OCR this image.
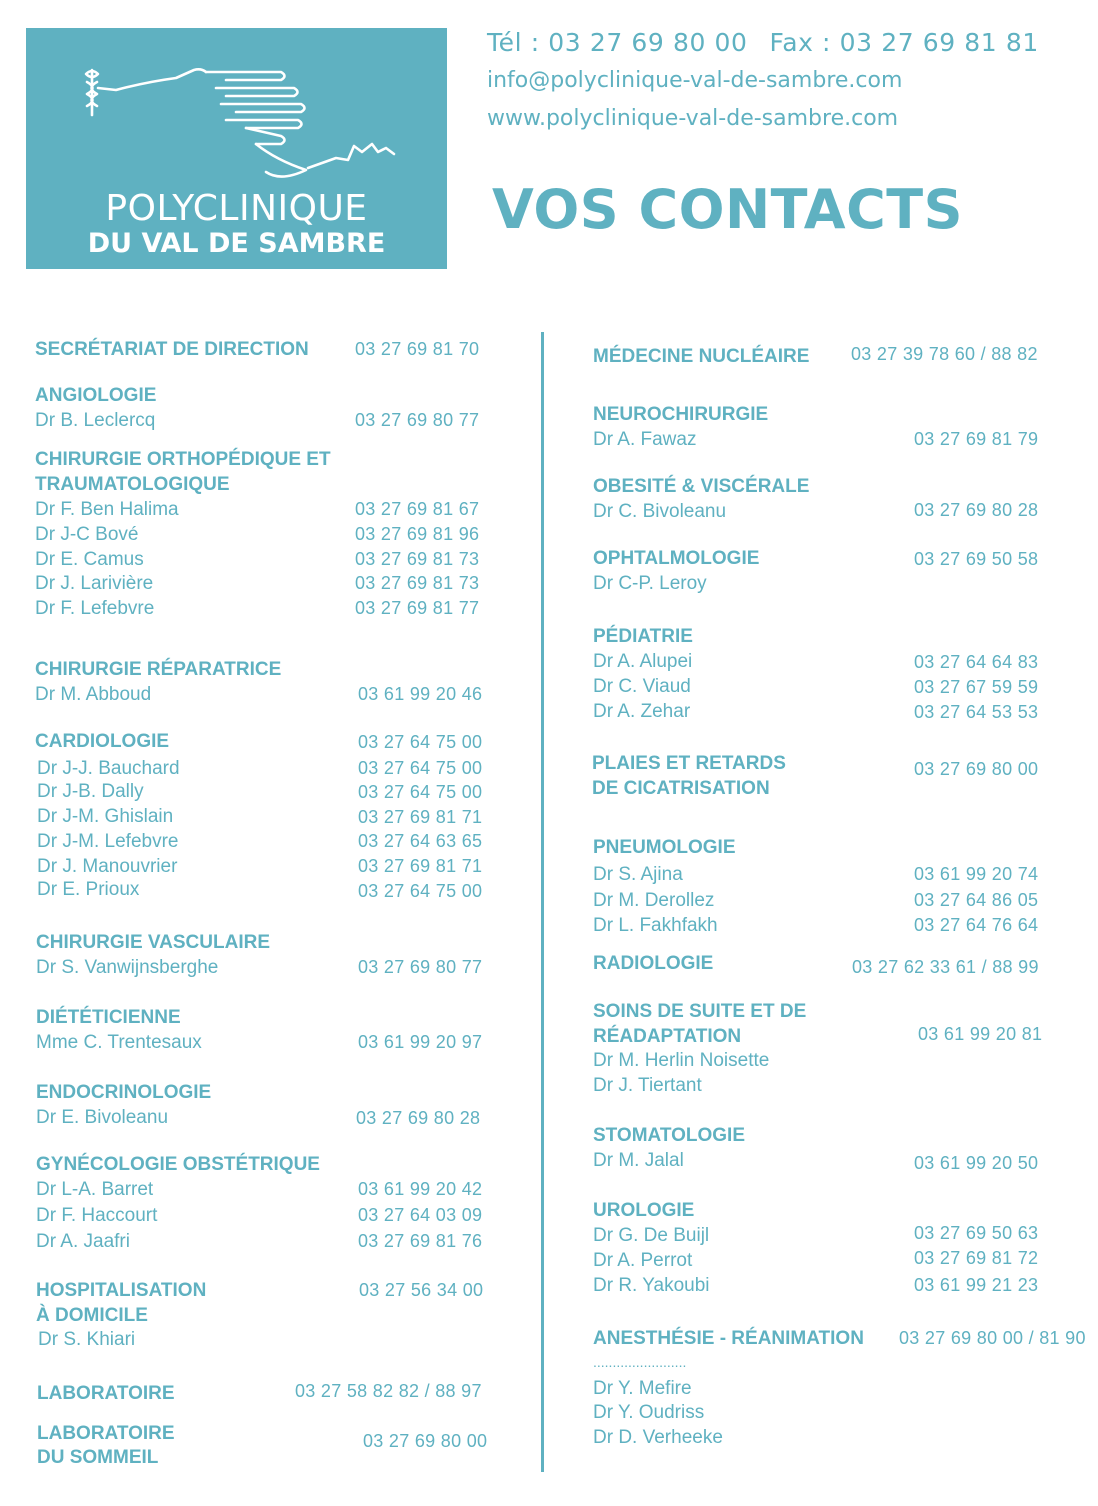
POLYCLINIQUE
DU VAL DE SAMBRE
Tél : 03 27 69 80 00 Fax : 03 27 69 81 81
info@polyclinique-val-de-sambre.com
www.polyclinique-val-de-sambre.com
VOS CONTACTS
SECRÉTARIAT DE DIRECTION	03 27 69 81 70
ANGIOLOGIE
Dr B. Leclercq	03 27 69 80 77
CHIRURGIE ORTHOPÉDIQUE ET
TRAUMATOLOGIQUE
Dr F. Ben Halima	03 27 69 81 67
Dr J-C Bové	03 27 69 81 96
Dr E. Camus	03 27 69 81 73
Dr J. Larivière	03 27 69 81 73
Dr F. Lefebvre	03 27 69 81 77
CHIRURGIE RÉPARATRICE
Dr M. Abboud	03 61 99 20 46
CARDIOLOGIE	03 27 64 75 00
Dr J-J. Bauchard	03 27 64 75 00
Dr J-B. Dally	03 27 64 75 00
Dr J-M. Ghislain	03 27 69 81 71
Dr J-M. Lefebvre	03 27 64 63 65
Dr J. Manouvrier	03 27 69 81 71
Dr E. Prioux	03 27 64 75 00
CHIRURGIE VASCULAIRE
Dr S. Vanwijnsberghe	03 27 69 80 77
DIÉTÉTICIENNE
Mme C. Trentesaux	03 61 99 20 97
ENDOCRINOLOGIE
Dr E. Bivoleanu	03 27 69 80 28
GYNÉCOLOGIE OBSTÉTRIQUE
Dr L-A. Barret	03 61 99 20 42
Dr F. Haccourt	03 27 64 03 09
Dr A. Jaafri	03 27 69 81 76
HOSPITALISATION	03 27 56 34 00
À DOMICILE
Dr S. Khiari
LABORATOIRE	03 27 58 82 82 / 88 97
LABORATOIRE	03 27 69 80 00
DU SOMMEIL
MÉDECINE NUCLÉAIRE 03 27 39 78 60 / 88 82
NEUROCHIRURGIE
Dr A. Fawaz	03 27 69 81 79
OBESITÉ & VISCÉRALE
Dr C. Bivoleanu	03 27 69 80 28
OPHTALMOLOGIE	03 27 69 50 58
Dr C-P. Leroy
PÉDIATRIE
Dr A. Alupei	03 27 64 64 83
Dr C. Viaud	03 27 67 59 59
Dr A. Zehar	03 27 64 53 53
PLAIES ET RETARDS	03 27 69 80 00
DE CICATRISATION
PNEUMOLOGIE
Dr S. Ajina	03 61 99 20 74
Dr M. Derollez	03 27 64 86 05
Dr L. Fakhfakh	03 27 64 76 64
RADIOLOGIE	03 27 62 33 61 / 88 99
SOINS DE SUITE ET DE
RÉADAPTATION	03 61 99 20 81
Dr M. Herlin Noisette
Dr J. Tiertant
STOMATOLOGIE
Dr M. Jalal	03 61 99 20 50
UROLOGIE
Dr G. De Buijl	03 27 69 50 63
Dr A. Perrot	03 27 69 81 72
Dr R. Yakoubi	03 61 99 21 23
ANESTHÉSIE - RÉANIMATION 03 27 69 80 00 / 81 90
........................
Dr Y. Mefire
Dr Y. Oudriss
Dr D. Verheeke
